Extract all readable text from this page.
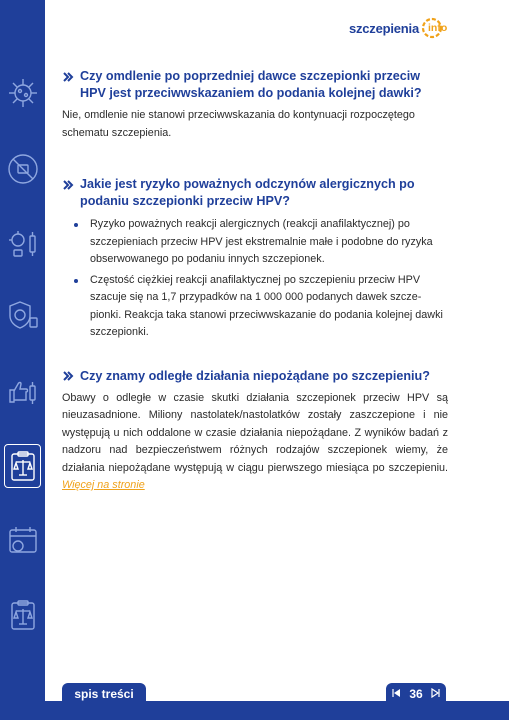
szczepienia info
Czy omdlenie po poprzedniej dawce szczepionki przeciw HPV jest przeciwwskazaniem do podania kolejnej dawki?

Nie, omdlenie nie stanowi przeciwwskazania do kontynuacji rozpoczętego schematu szczepienia.

Jakie jest ryzyko poważnych odczynów alergicznych po podaniu szczepionki przeciw HPV?
Ryzyko poważnych reakcji alergicznych (reakcji anafilaktycznej) po szczepieniach przeciw HPV jest ekstremalnie małe i podobne do ryzyka obserwowanego po podaniu innych szczepionek.
Częstość ciężkiej reakcji anafilaktycznej po szczepieniu przeciw HPV szacuje się na 1,7 przypadków na 1 000 000 podanych dawek szcze-pionki. Reakcja taka stanowi przeciwwskazanie do podania kolejnej dawki szczepionki.
Czy znamy odległe działania niepożądane po szczepieniu?

Obawy o odległe w czasie skutki działania szczepionek przeciw HPV są nieuzasadnione. Miliony nastolatek/nastolatków zostały zaszczepione i nie występują u nich oddalone w czasie działania niepożądane. Z wyników badań z nadzoru nad bezpieczeństwem różnych rodzajów szczepionek wiemy, że działania niepożądane występują w ciągu pierwszego miesiąca po szczepieniu. Więcej na stronie

spis treści	36
